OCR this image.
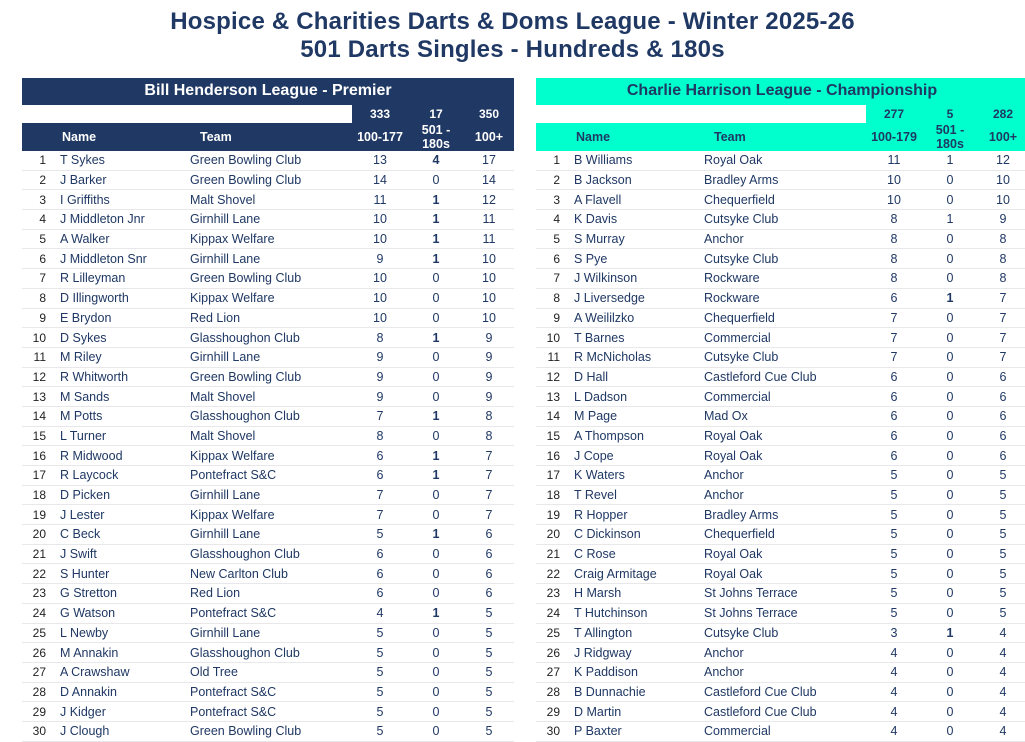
Hospice & Charities Darts & Doms League - Winter 2025-26
501 Darts Singles - Hundreds & 180s
Bill Henderson League - Premier
			333	17	350
	Name	Team	100-177	501 - 180s	100+
1	T Sykes	Green Bowling Club	13	4	17
2	J Barker	Green Bowling Club	14	0	14
3	I Griffiths	Malt Shovel	11	1	12
4	J Middleton Jnr	Girnhill Lane	10	1	11
5	A Walker	Kippax Welfare	10	1	11
6	J Middleton Snr	Girnhill Lane	9	1	10
7	R Lilleyman	Green Bowling Club	10	0	10
8	D Illingworth	Kippax Welfare	10	0	10
9	E Brydon	Red Lion	10	0	10
10	D Sykes	Glasshoughon Club	8	1	9
11	M Riley	Girnhill Lane	9	0	9
12	R Whitworth	Green Bowling Club	9	0	9
13	M Sands	Malt Shovel	9	0	9
14	M Potts	Glasshoughon Club	7	1	8
15	L Turner	Malt Shovel	8	0	8
16	R Midwood	Kippax Welfare	6	1	7
17	R Laycock	Pontefract S&C	6	1	7
18	D Picken	Girnhill Lane	7	0	7
19	J Lester	Kippax Welfare	7	0	7
20	C Beck	Girnhill Lane	5	1	6
21	J Swift	Glasshoughon Club	6	0	6
22	S Hunter	New Carlton Club	6	0	6
23	G Stretton	Red Lion	6	0	6
24	G Watson	Pontefract S&C	4	1	5
25	L Newby	Girnhill Lane	5	0	5
26	M Annakin	Glasshoughon Club	5	0	5
27	A Crawshaw	Old Tree	5	0	5
28	D Annakin	Pontefract S&C	5	0	5
29	J Kidger	Pontefract S&C	5	0	5
30	J Clough	Green Bowling Club	5	0	5
Charlie Harrison League - Championship
			277	5	282
	Name	Team	100-179	501 - 180s	100+
1	B Williams	Royal Oak	11	1	12
2	B Jackson	Bradley Arms	10	0	10
3	A Flavell	Chequerfield	10	0	10
4	K Davis	Cutsyke Club	8	1	9
5	S Murray	Anchor	8	0	8
6	S Pye	Cutsyke Club	8	0	8
7	J Wilkinson	Rockware	8	0	8
8	J Liversedge	Rockware	6	1	7
9	A Weililzko	Chequerfield	7	0	7
10	T Barnes	Commercial	7	0	7
11	R McNicholas	Cutsyke Club	7	0	7
12	D Hall	Castleford Cue Club	6	0	6
13	L Dadson	Commercial	6	0	6
14	M Page	Mad Ox	6	0	6
15	A Thompson	Royal Oak	6	0	6
16	J Cope	Royal Oak	6	0	6
17	K Waters	Anchor	5	0	5
18	T Revel	Anchor	5	0	5
19	R Hopper	Bradley Arms	5	0	5
20	C Dickinson	Chequerfield	5	0	5
21	C Rose	Royal Oak	5	0	5
22	Craig Armitage	Royal Oak	5	0	5
23	H Marsh	St Johns Terrace	5	0	5
24	T Hutchinson	St Johns Terrace	5	0	5
25	T Allington	Cutsyke Club	3	1	4
26	J Ridgway	Anchor	4	0	4
27	K Paddison	Anchor	4	0	4
28	B Dunnachie	Castleford Cue Club	4	0	4
29	D Martin	Castleford Cue Club	4	0	4
30	P Baxter	Commercial	4	0	4
